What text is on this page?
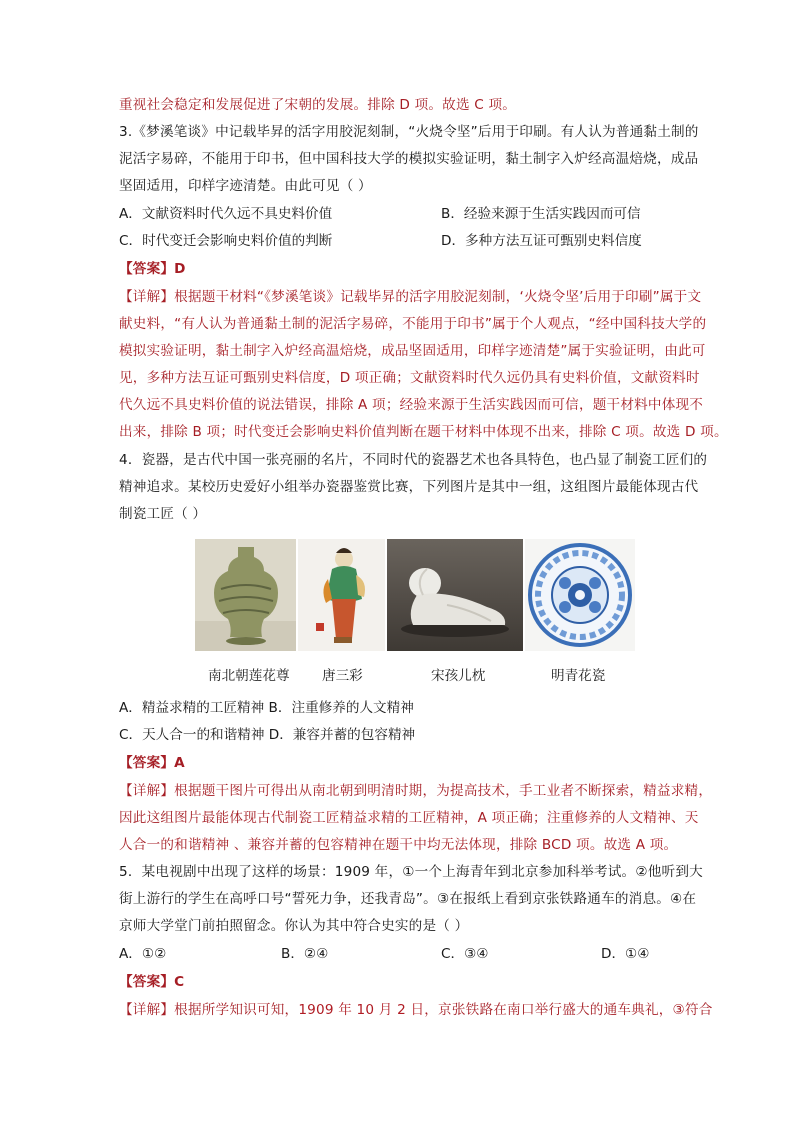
重视社会稳定和发展促进了宋朝的发展。排除 D 项。故选 C 项。
3.《梦溪笔谈》中记载毕昇的活字用胶泥刻制，“火烧令坚”后用于印刷。有人认为普通黏土制的
泥活字易碎，不能用于印书，但中国科技大学的模拟实验证明，黏土制字入炉经高温焙烧，成品
坚固适用，印样字迹清楚。由此可见（ ）
A．文献资料时代久远不具史料价值	B．经验来源于生活实践因而可信
C．时代变迁会影响史料价值的判断	D．多种方法互证可甄别史料信度
【答案】D
【详解】根据题干材料“《梦溪笔谈》记载毕昇的活字用胶泥刻制，‘火烧令坚’后用于印刷”属于文
献史料，“有人认为普通黏土制的泥活字易碎，不能用于印书”属于个人观点，“经中国科技大学的
模拟实验证明，黏土制字入炉经高温焙烧，成品坚固适用，印样字迹清楚”属于实验证明，由此可
见，多种方法互证可甄别史料信度，D 项正确；文献资料时代久远仍具有史料价值，文献资料时
代久远不具史料价值的说法错误，排除 A 项；经验来源于生活实践因而可信，题干材料中体现不
出来，排除 B 项；时代变迁会影响史料价值判断在题干材料中体现不出来，排除 C 项。故选 D 项。
4．瓷器，是古代中国一张亮丽的名片，不同时代的瓷器艺术也各具特色，也凸显了制瓷工匠们的
精神追求。某校历史爱好小组举办瓷器鉴赏比赛，下列图片是其中一组，这组图片最能体现古代
制瓷工匠（ ）
南北朝莲花尊 唐三彩	宋孩儿枕	明青花瓷
A．精益求精的工匠精神 B．注重修养的人文精神
C．天人合一的和谐精神 D．兼容并蓄的包容精神
【答案】A
【详解】根据题干图片可得出从南北朝到明清时期，为提高技术，手工业者不断探索，精益求精，
因此这组图片最能体现古代制瓷工匠精益求精的工匠精神，A 项正确；注重修养的人文精神、天
人合一的和谐精神 、兼容并蓄的包容精神在题干中均无法体现，排除 BCD 项。故选 A 项。
5．某电视剧中出现了这样的场景：1909 年，①一个上海青年到北京参加科举考试。②他听到大
街上游行的学生在高呼口号“誓死力争，还我青岛”。③在报纸上看到京张铁路通车的消息。④在
京师大学堂门前拍照留念。你认为其中符合史实的是（ ）
A．①②	B．②④	C．③④	D．①④
【答案】C
【详解】根据所学知识可知，1909 年 10 月 2 日，京张铁路在南口举行盛大的通车典礼，③符合
